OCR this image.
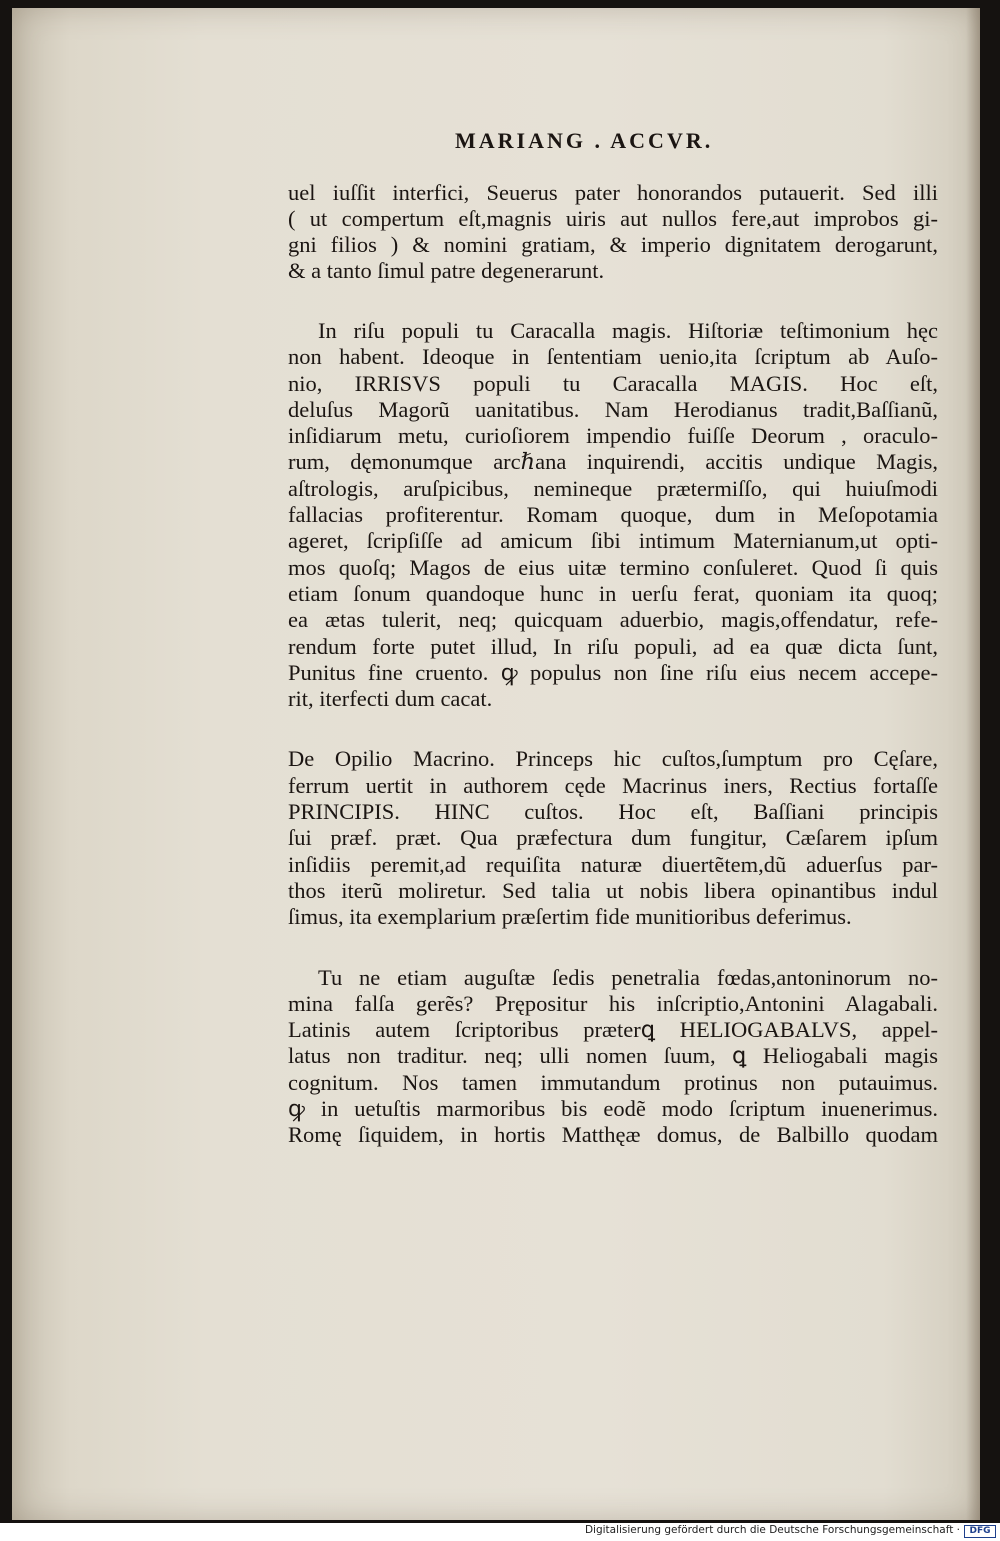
MARIANG . ACCVR.
uel iuſſit interfici, Seuerus pater honorandos putauerit. Sed illi
( ut compertum eſt,magnis uiris aut nullos fere,aut improbos gi-
gni filios ) & nomini gratiam, & imperio dignitatem derogarunt,
& a tanto ſimul patre degenerarunt.
In riſu populi tu Caracalla magis. Hiſtoriæ teſtimonium hęc
non habent. Ideoque in ſententiam uenio,ita ſcriptum ab Auſo-
nio, IRRISVS populi tu Caracalla MAGIS. Hoc eſt,
deluſus Magorũ uanitatibus. Nam Herodianus tradit,Baſſianũ,
inſidiarum metu, curioſiorem impendio fuiſſe Deorum , oraculo-
rum, dęmonumque arcℏana inquirendi, accitis undique Magis,
aſtrologis, aruſpicibus, nemineque prætermiſſo, qui huiuſmodi
fallacias profiterentur. Romam quoque, dum in Meſopotamia
ageret, ſcripſiſſe ad amicum ſibi intimum Maternianum,ut opti-
mos quoſq; Magos de eius uitæ termino conſuleret. Quod ſi quis
etiam ſonum quandoque hunc in uerſu ferat, quoniam ita quoq;
ea ætas tulerit, neq; quicquam aduerbio, magis,offendatur, refe-
rendum forte putet illud, In riſu populi, ad ea quæ dicta ſunt,
Punitus fine cruento. ꝙ populus non ſine riſu eius necem accepe-
rit, iterfecti dum cacat.
De Opilio Macrino. Princeps hic cuſtos,ſumptum pro Cęſare,
ferrum uertit in authorem cęde Macrinus iners, Rectius fortaſſe
PRINCIPIS. HINC cuſtos. Hoc eſt, Baſſiani principis
ſui præf. præt. Qua præfectura dum fungitur, Cæſarem ipſum
inſidiis peremit,ad requiſita naturæ diuertẽtem,dũ aduerſus par-
thos iterũ moliretur. Sed talia ut nobis libera opinantibus indul
ſimus, ita exemplarium præſertim fide munitioribus deferimus.
Tu ne etiam auguſtæ ſedis penetralia fœdas,antoninorum no-
mina falſa gerẽs? Prępositur his inſcriptio,Antonini Alagabali.
Latinis autem ſcriptoribus præterꝗ HELIOGABALVS, appel-
latus non traditur. neq; ulli nomen ſuum, ꝗ Heliogabali magis
cognitum. Nos tamen immutandum protinus non putauimus.
ꝙ in uetuſtis marmoribus bis eodẽ modo ſcriptum inuenerimus.
Romę ſiquidem, in hortis Matthęæ domus, de Balbillo quodam
Digitalisierung gefördert durch die Deutsche Forschungsgemeinschaft ·	DFG
